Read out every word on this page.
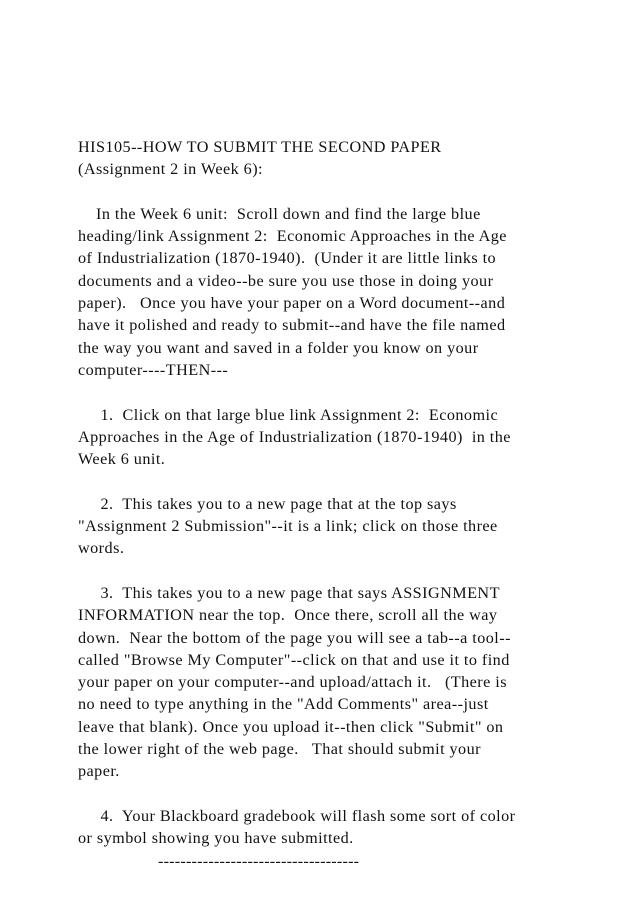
HIS105--HOW TO SUBMIT THE SECOND PAPER
(Assignment 2 in Week 6):
In the Week 6 unit:  Scroll down and find the large blue
heading/link Assignment 2:  Economic Approaches in the Age
of Industrialization (1870-1940).  (Under it are little links to
documents and a video--be sure you use those in doing your
paper).   Once you have your paper on a Word document--and
have it polished and ready to submit--and have the file named
the way you want and saved in a folder you know on your
computer----THEN---
1.  Click on that large blue link Assignment 2:  Economic
Approaches in the Age of Industrialization (1870-1940)  in the
Week 6 unit.
2.  This takes you to a new page that at the top says
"Assignment 2 Submission"--it is a link; click on those three
words.
3.  This takes you to a new page that says ASSIGNMENT
INFORMATION near the top.  Once there, scroll all the way
down.  Near the bottom of the page you will see a tab--a tool--
called "Browse My Computer"--click on that and use it to find
your paper on your computer--and upload/attach it.   (There is
no need to type anything in the "Add Comments" area--just
leave that blank). Once you upload it--then click "Submit" on
the lower right of the web page.   That should submit your
paper.
4.  Your Blackboard gradebook will flash some sort of color
or symbol showing you have submitted.
------------------------------------
